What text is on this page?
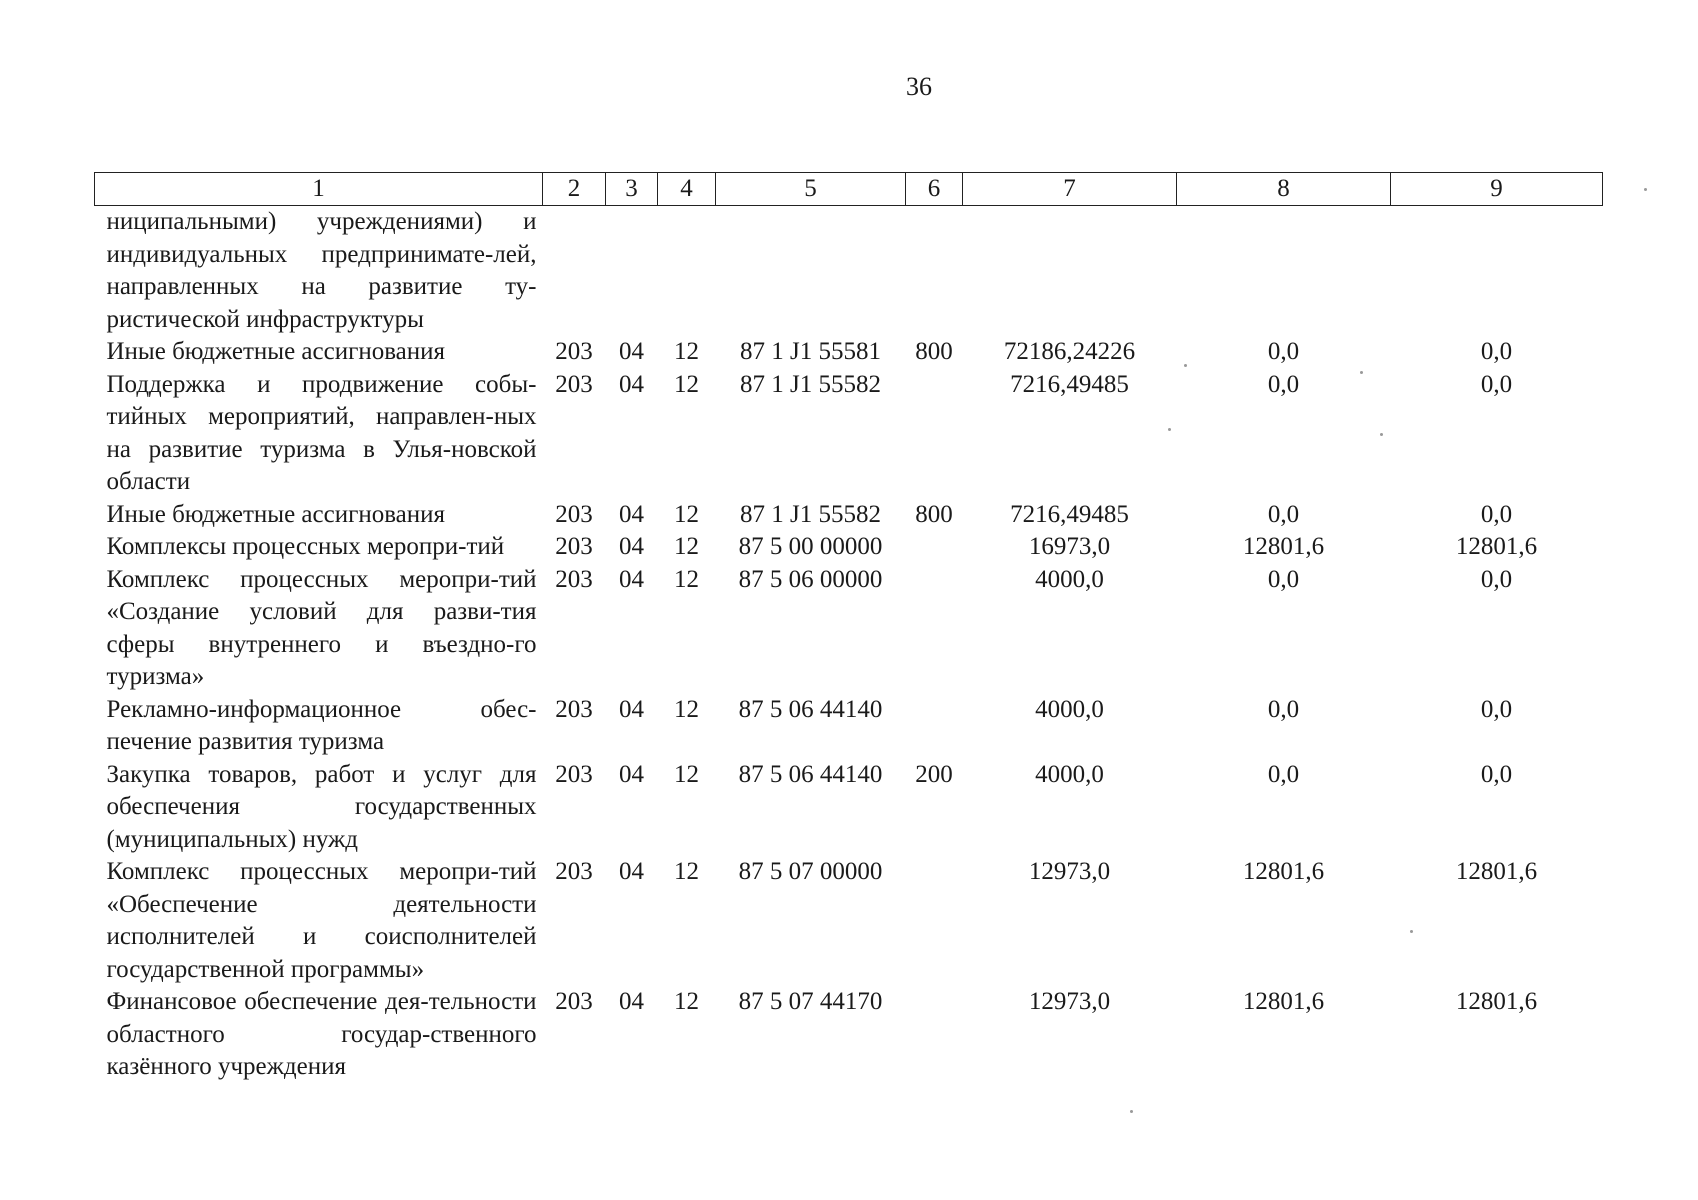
36
1	2	3	4	5	6	7	8	9
ниципальными) учреждениями) и индивидуальных предпринимате-лей, направленных на развитие ту-ристической инфраструктуры								
Иные бюджетные ассигнования	203	04	12	87 1 J1 55581	800	72186,24226	0,0	0,0
Поддержка и продвижение собы-тийных мероприятий, направлен-ных на развитие туризма в Улья-новской области	203	04	12	87 1 J1 55582		7216,49485	0,0	0,0
Иные бюджетные ассигнования	203	04	12	87 1 J1 55582	800	7216,49485	0,0	0,0
Комплексы процессных меропри-тий	203	04	12	87 5 00 00000		16973,0	12801,6	12801,6
Комплекс процессных меропри-тий «Создание условий для разви-тия сферы внутреннего и въездно-го туризма»	203	04	12	87 5 06 00000		4000,0	0,0	0,0
Рекламно-информационное обес-печение развития туризма	203	04	12	87 5 06 44140		4000,0	0,0	0,0
Закупка товаров, работ и услуг для обеспечения государственных (муниципальных) нужд	203	04	12	87 5 06 44140	200	4000,0	0,0	0,0
Комплекс процессных меропри-тий «Обеспечение деятельности исполнителей и соисполнителей государственной программы»	203	04	12	87 5 07 00000		12973,0	12801,6	12801,6
Финансовое обеспечение дея-тельности областного государ-ственного казённого учреждения	203	04	12	87 5 07 44170		12973,0	12801,6	12801,6
